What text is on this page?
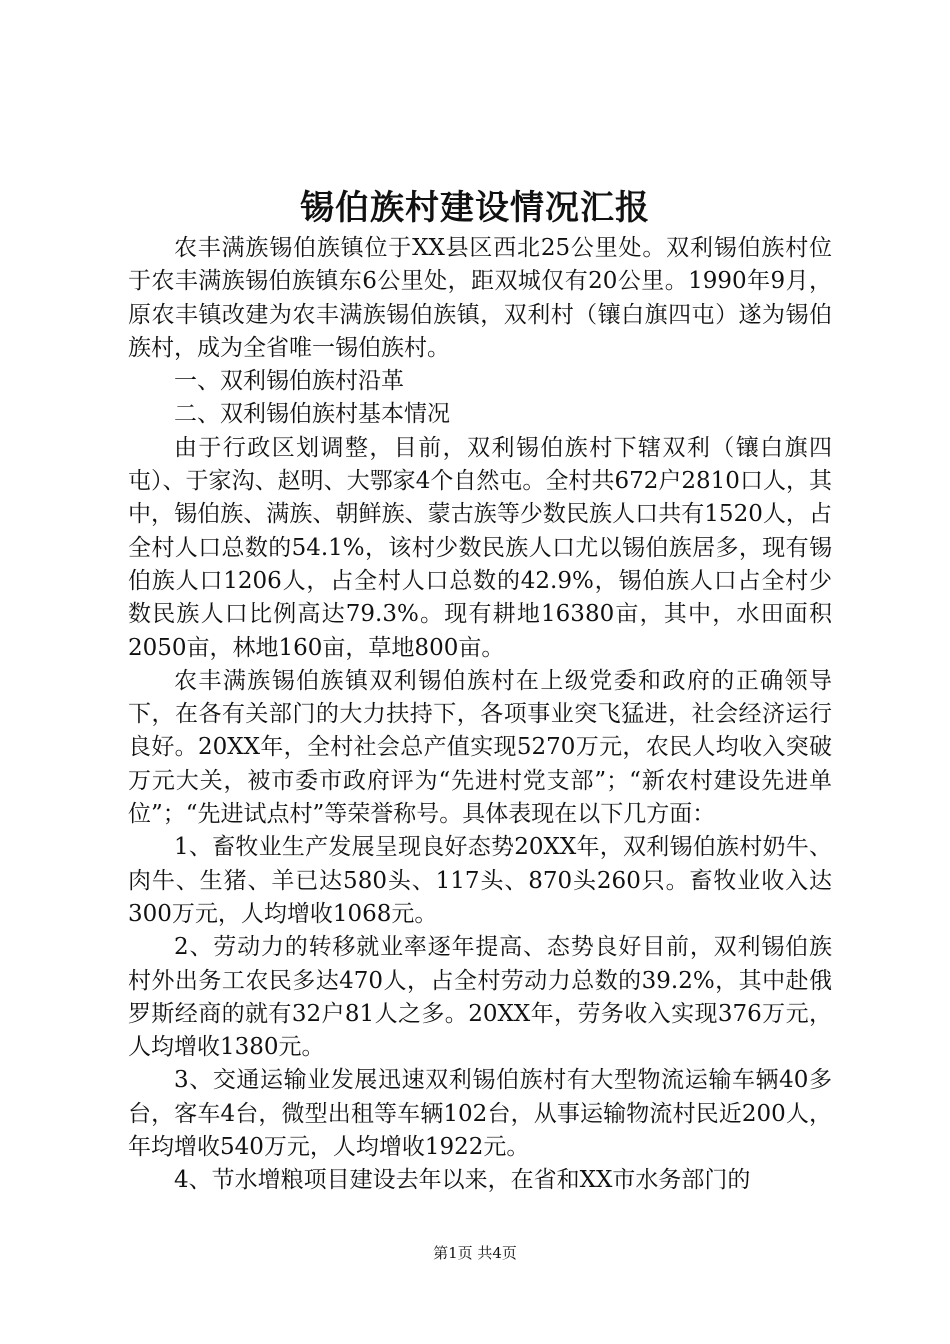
锡伯族村建设情况汇报

农丰满族锡伯族镇位于XX县区西北25公里处。双利锡伯族村位于农丰满族锡伯族镇东6公里处，距双城仅有20公里。1990年9月，原农丰镇改建为农丰满族锡伯族镇，双利村（镶白旗四屯）遂为锡伯族村，成为全省唯一锡伯族村。

一、双利锡伯族村沿革

二、双利锡伯族村基本情况

由于行政区划调整，目前，双利锡伯族村下辖双利（镶白旗四屯）、于家沟、赵明、大鄂家4个自然屯。全村共672户2810口人，其中，锡伯族、满族、朝鲜族、蒙古族等少数民族人口共有1520人，占全村人口总数的54.1%，该村少数民族人口尤以锡伯族居多，现有锡伯族人口1206人，占全村人口总数的42.9%，锡伯族人口占全村少数民族人口比例高达79.3%。现有耕地16380亩，其中，水田面积2050亩，林地160亩，草地800亩。

农丰满族锡伯族镇双利锡伯族村在上级党委和政府的正确领导下，在各有关部门的大力扶持下，各项事业突飞猛进，社会经济运行良好。20XX年，全村社会总产值实现5270万元，农民人均收入突破万元大关，被市委市政府评为“先进村党支部”；“新农村建设先进单位”；“先进试点村”等荣誉称号。具体表现在以下几方面：

1、畜牧业生产发展呈现良好态势20XX年，双利锡伯族村奶牛、肉牛、生猪、羊已达580头、117头、870头260只。畜牧业收入达300万元，人均增收1068元。

2、劳动力的转移就业率逐年提高、态势良好目前，双利锡伯族村外出务工农民多达470人，占全村劳动力总数的39.2%，其中赴俄罗斯经商的就有32户81人之多。20XX年，劳务收入实现376万元，人均增收1380元。

3、交通运输业发展迅速双利锡伯族村有大型物流运输车辆40多台，客车4台，微型出租等车辆102台，从事运输物流村民近200人，年均增收540万元，人均增收1922元。

4、节水增粮项目建设去年以来，在省和XX市水务部门的

第1页 共4页
